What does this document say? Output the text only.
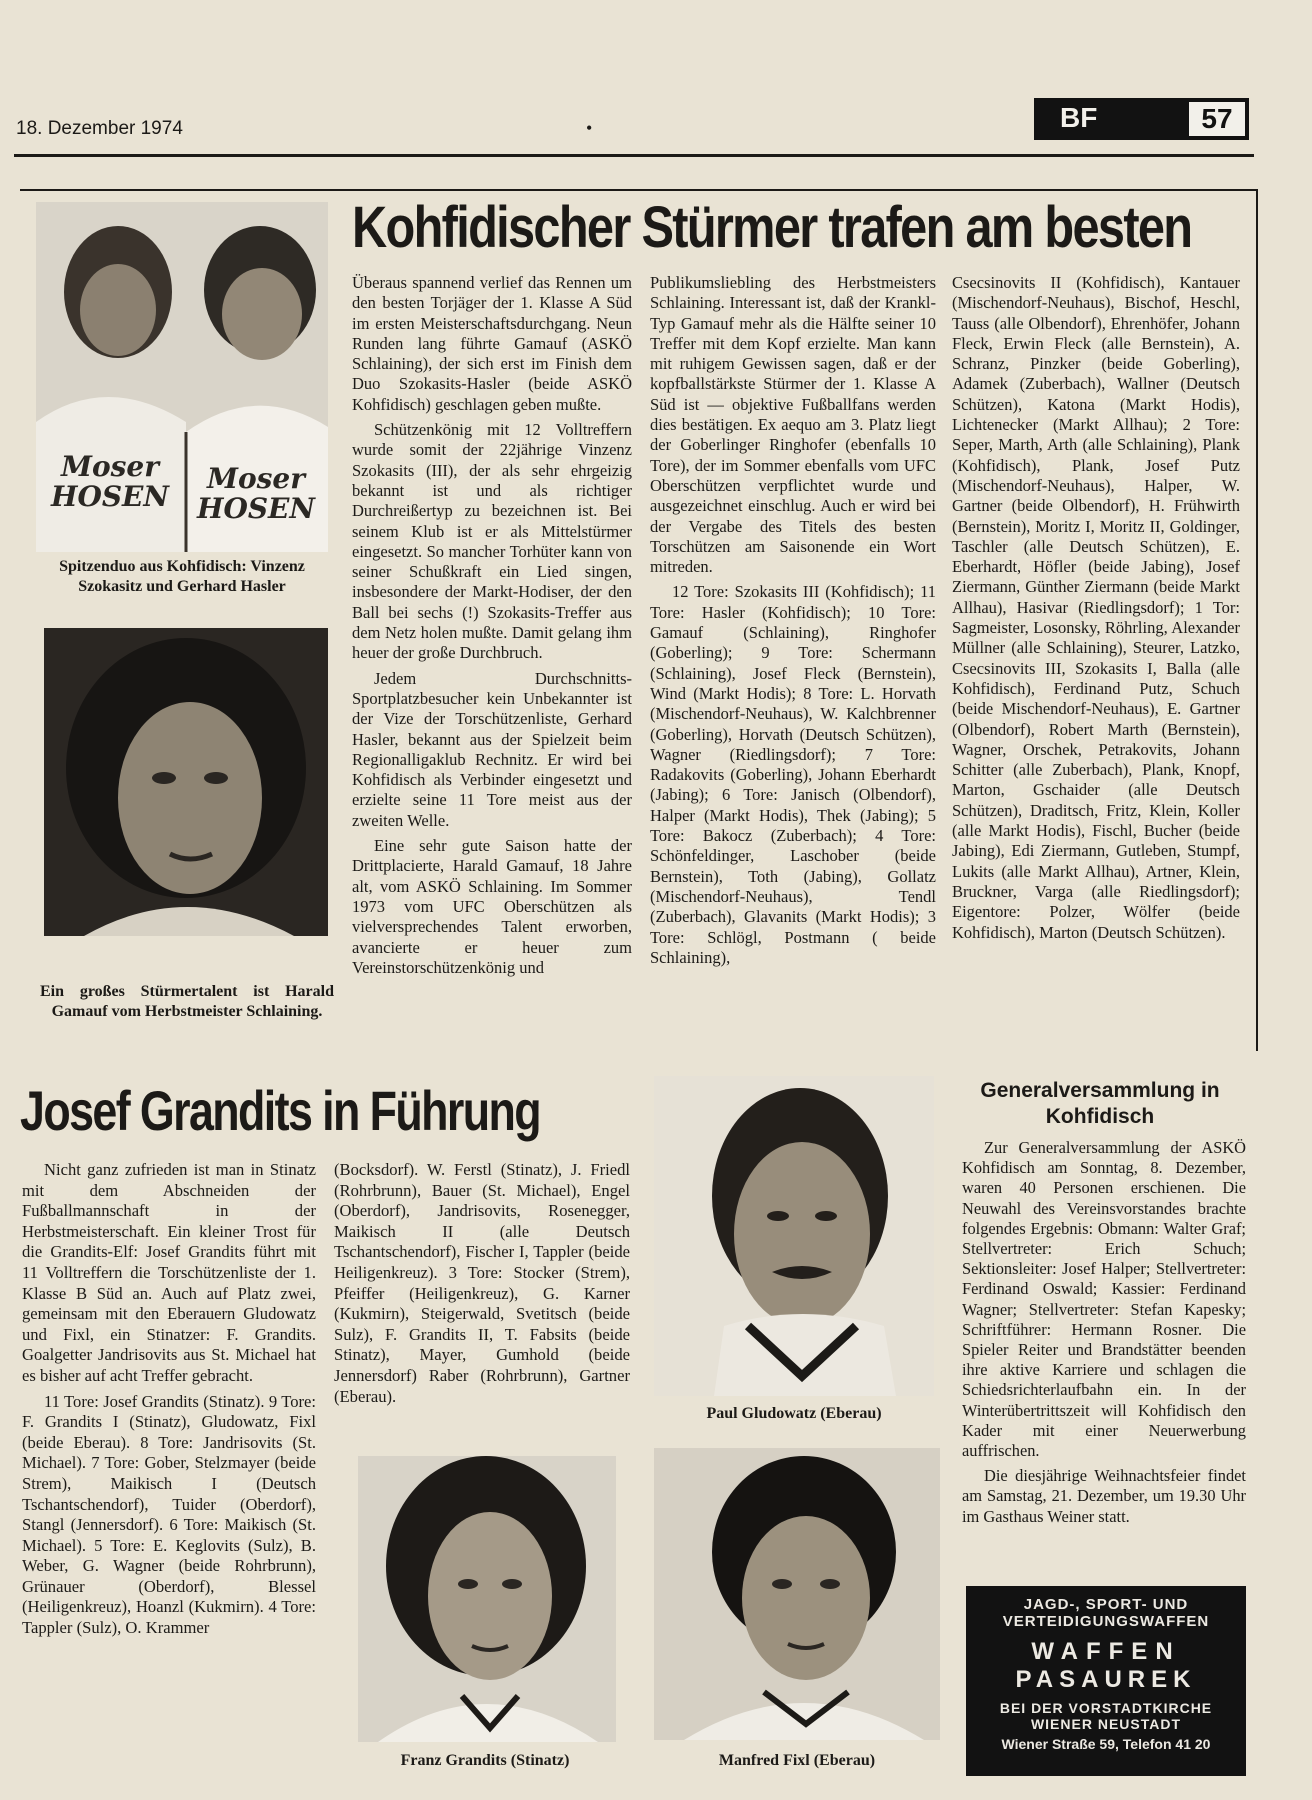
18. Dezember 1974	•	BF	57
Kohfidischer Stürmer trafen am besten
Moser HOSEN
Moser HOSEN
Spitzenduo aus Kohfidisch: Vinzenz Szokasitz und Gerhard Hasler
Ein großes Stürmertalent ist Harald Gamauf vom Herbstmeister Schlaining.

Überaus spannend verlief das Rennen um den besten Torjäger der 1. Klasse A Süd im ersten Meisterschaftsdurchgang. Neun Runden lang führte Gamauf (ASKÖ Schlaining), der sich erst im Finish dem Duo Szokasits-Hasler (beide ASKÖ Kohfidisch) geschlagen geben mußte.

Schützenkönig mit 12 Volltreffern wurde somit der 22jährige Vinzenz Szokasits (III), der als sehr ehrgeizig bekannt ist und als richtiger Durchreißertyp zu bezeichnen ist. Bei seinem Klub ist er als Mittelstürmer eingesetzt. So mancher Torhüter kann von seiner Schußkraft ein Lied singen, insbesondere der Markt-Hodiser, der den Ball bei sechs (!) Szokasits-Treffer aus dem Netz holen mußte. Damit gelang ihm heuer der große Durchbruch.

Jedem Durchschnitts-Sportplatzbesucher kein Unbekannter ist der Vize der Torschützenliste, Gerhard Hasler, bekannt aus der Spielzeit beim Regionalligaklub Rechnitz. Er wird bei Kohfidisch als Verbinder eingesetzt und erzielte seine 11 Tore meist aus der zweiten Welle.

Eine sehr gute Saison hatte der Drittplacierte, Harald Gamauf, 18 Jahre alt, vom ASKÖ Schlaining. Im Sommer 1973 vom UFC Oberschützen als vielversprechendes Talent erworben, avancierte er heuer zum Vereinstorschützenkönig und

Publikumsliebling des Herbstmeisters Schlaining. Interessant ist, daß der Krankl-Typ Gamauf mehr als die Hälfte seiner 10 Treffer mit dem Kopf erzielte. Man kann mit ruhigem Gewissen sagen, daß er der kopfballstärkste Stürmer der 1. Klasse A Süd ist — objektive Fußballfans werden dies bestätigen. Ex aequo am 3. Platz liegt der Goberlinger Ringhofer (ebenfalls 10 Tore), der im Sommer ebenfalls vom UFC Oberschützen verpflichtet wurde und ausgezeichnet einschlug. Auch er wird bei der Vergabe des Titels des besten Torschützen am Saisonende ein Wort mitreden.

12 Tore: Szokasits III (Kohfidisch); 11 Tore: Hasler (Kohfidisch); 10 Tore: Gamauf (Schlaining), Ringhofer (Goberling); 9 Tore: Schermann (Schlaining), Josef Fleck (Bernstein), Wind (Markt Hodis); 8 Tore: L. Horvath (Mischendorf-Neuhaus), W. Kalchbrenner (Goberling), Horvath (Deutsch Schützen), Wagner (Riedlingsdorf); 7 Tore: Radakovits (Goberling), Johann Eberhardt (Jabing); 6 Tore: Janisch (Olbendorf), Halper (Markt Hodis), Thek (Jabing); 5 Tore: Bakocz (Zuberbach); 4 Tore: Schönfeldinger, Laschober (beide Bernstein), Toth (Jabing), Gollatz (Mischendorf-Neuhaus), Tendl (Zuberbach), Glavanits (Markt Hodis); 3 Tore: Schlögl, Postmann ( beide Schlaining),

Csecsinovits II (Kohfidisch), Kantauer (Mischendorf-Neuhaus), Bischof, Heschl, Tauss (alle Olbendorf), Ehrenhöfer, Johann Fleck, Erwin Fleck (alle Bernstein), A. Schranz, Pinzker (beide Goberling), Adamek (Zuberbach), Wallner (Deutsch Schützen), Katona (Markt Hodis), Lichtenecker (Markt Allhau); 2 Tore: Seper, Marth, Arth (alle Schlaining), Plank (Kohfidisch), Plank, Josef Putz (Mischendorf-Neuhaus), Halper, W. Gartner (beide Olbendorf), H. Frühwirth (Bernstein), Moritz I, Moritz II, Goldinger, Taschler (alle Deutsch Schützen), E. Eberhardt, Höfler (beide Jabing), Josef Ziermann, Günther Ziermann (beide Markt Allhau), Hasivar (Riedlingsdorf); 1 Tor: Sagmeister, Losonsky, Röhrling, Alexander Müllner (alle Schlaining), Steurer, Latzko, Csecsinovits III, Szokasits I, Balla (alle Kohfidisch), Ferdinand Putz, Schuch (beide Mischendorf-Neuhaus), E. Gartner (Olbendorf), Robert Marth (Bernstein), Wagner, Orschek, Petrakovits, Johann Schitter (alle Zuberbach), Plank, Knopf, Marton, Gschaider (alle Deutsch Schützen), Draditsch, Fritz, Klein, Koller (alle Markt Hodis), Fischl, Bucher (beide Jabing), Edi Ziermann, Gutleben, Stumpf, Lukits (alle Markt Allhau), Artner, Klein, Bruckner, Varga (alle Riedlingsdorf); Eigentore: Polzer, Wölfer (beide Kohfidisch), Marton (Deutsch Schützen).

Josef Grandits in Führung

Nicht ganz zufrieden ist man in Stinatz mit dem Abschneiden der Fußballmannschaft in der Herbstmeisterschaft. Ein kleiner Trost für die Grandits-Elf: Josef Grandits führt mit 11 Volltreffern die Torschützenliste der 1. Klasse B Süd an. Auch auf Platz zwei, gemeinsam mit den Eberauern Gludowatz und Fixl, ein Stinatzer: F. Grandits. Goalgetter Jandrisovits aus St. Michael hat es bisher auf acht Treffer gebracht.

11 Tore: Josef Grandits (Stinatz). 9 Tore: F. Grandits I (Stinatz), Gludowatz, Fixl (beide Eberau). 8 Tore: Jandrisovits (St. Michael). 7 Tore: Gober, Stelzmayer (beide Strem), Maikisch I (Deutsch Tschantschendorf), Tuider (Oberdorf), Stangl (Jennersdorf). 6 Tore: Maikisch (St. Michael). 5 Tore: E. Keglovits (Sulz), B. Weber, G. Wagner (beide Rohrbrunn), Grünauer (Oberdorf), Blessel (Heiligenkreuz), Hoanzl (Kukmirn). 4 Tore: Tappler (Sulz), O. Krammer

(Bocksdorf). W. Ferstl (Stinatz), J. Friedl (Rohrbrunn), Bauer (St. Michael), Engel (Oberdorf), Jandrisovits, Rosenegger, Maikisch II (alle Deutsch Tschantschendorf), Fischer I, Tappler (beide Heiligenkreuz). 3 Tore: Stocker (Strem), Pfeiffer (Heiligenkreuz), G. Karner (Kukmirn), Steigerwald, Svetitsch (beide Sulz), F. Grandits II, T. Fabsits (beide Stinatz), Mayer, Gumhold (beide Jennersdorf) Raber (Rohrbrunn), Gartner (Eberau).

Franz Grandits (Stinatz)
Paul Gludowatz (Eberau)
Manfred Fixl (Eberau)
Generalversammlung in Kohfidisch

Zur Generalversammlung der ASKÖ Kohfidisch am Sonntag, 8. Dezember, waren 40 Personen erschienen. Die Neuwahl des Vereinsvorstandes brachte folgendes Ergebnis: Obmann: Walter Graf; Stellvertreter: Erich Schuch; Sektionsleiter: Josef Halper; Stellvertreter: Ferdinand Oswald; Kassier: Ferdinand Wagner; Stellvertreter: Stefan Kapesky; Schriftführer: Hermann Rosner. Die Spieler Reiter und Brandstätter beenden ihre aktive Karriere und schlagen die Schiedsrichterlaufbahn ein. In der Winterübertrittszeit will Kohfidisch den Kader mit einer Neuerwerbung auffrischen.

Die diesjährige Weihnachtsfeier findet am Samstag, 21. Dezember, um 19.30 Uhr im Gasthaus Weiner statt.

JAGD-, SPORT- UND
VERTEIDIGUNGSWAFFEN
WAFFEN
PASAUREK
BEI DER VORSTADTKIRCHE
WIENER NEUSTADT
Wiener Straße 59, Telefon 41 20
